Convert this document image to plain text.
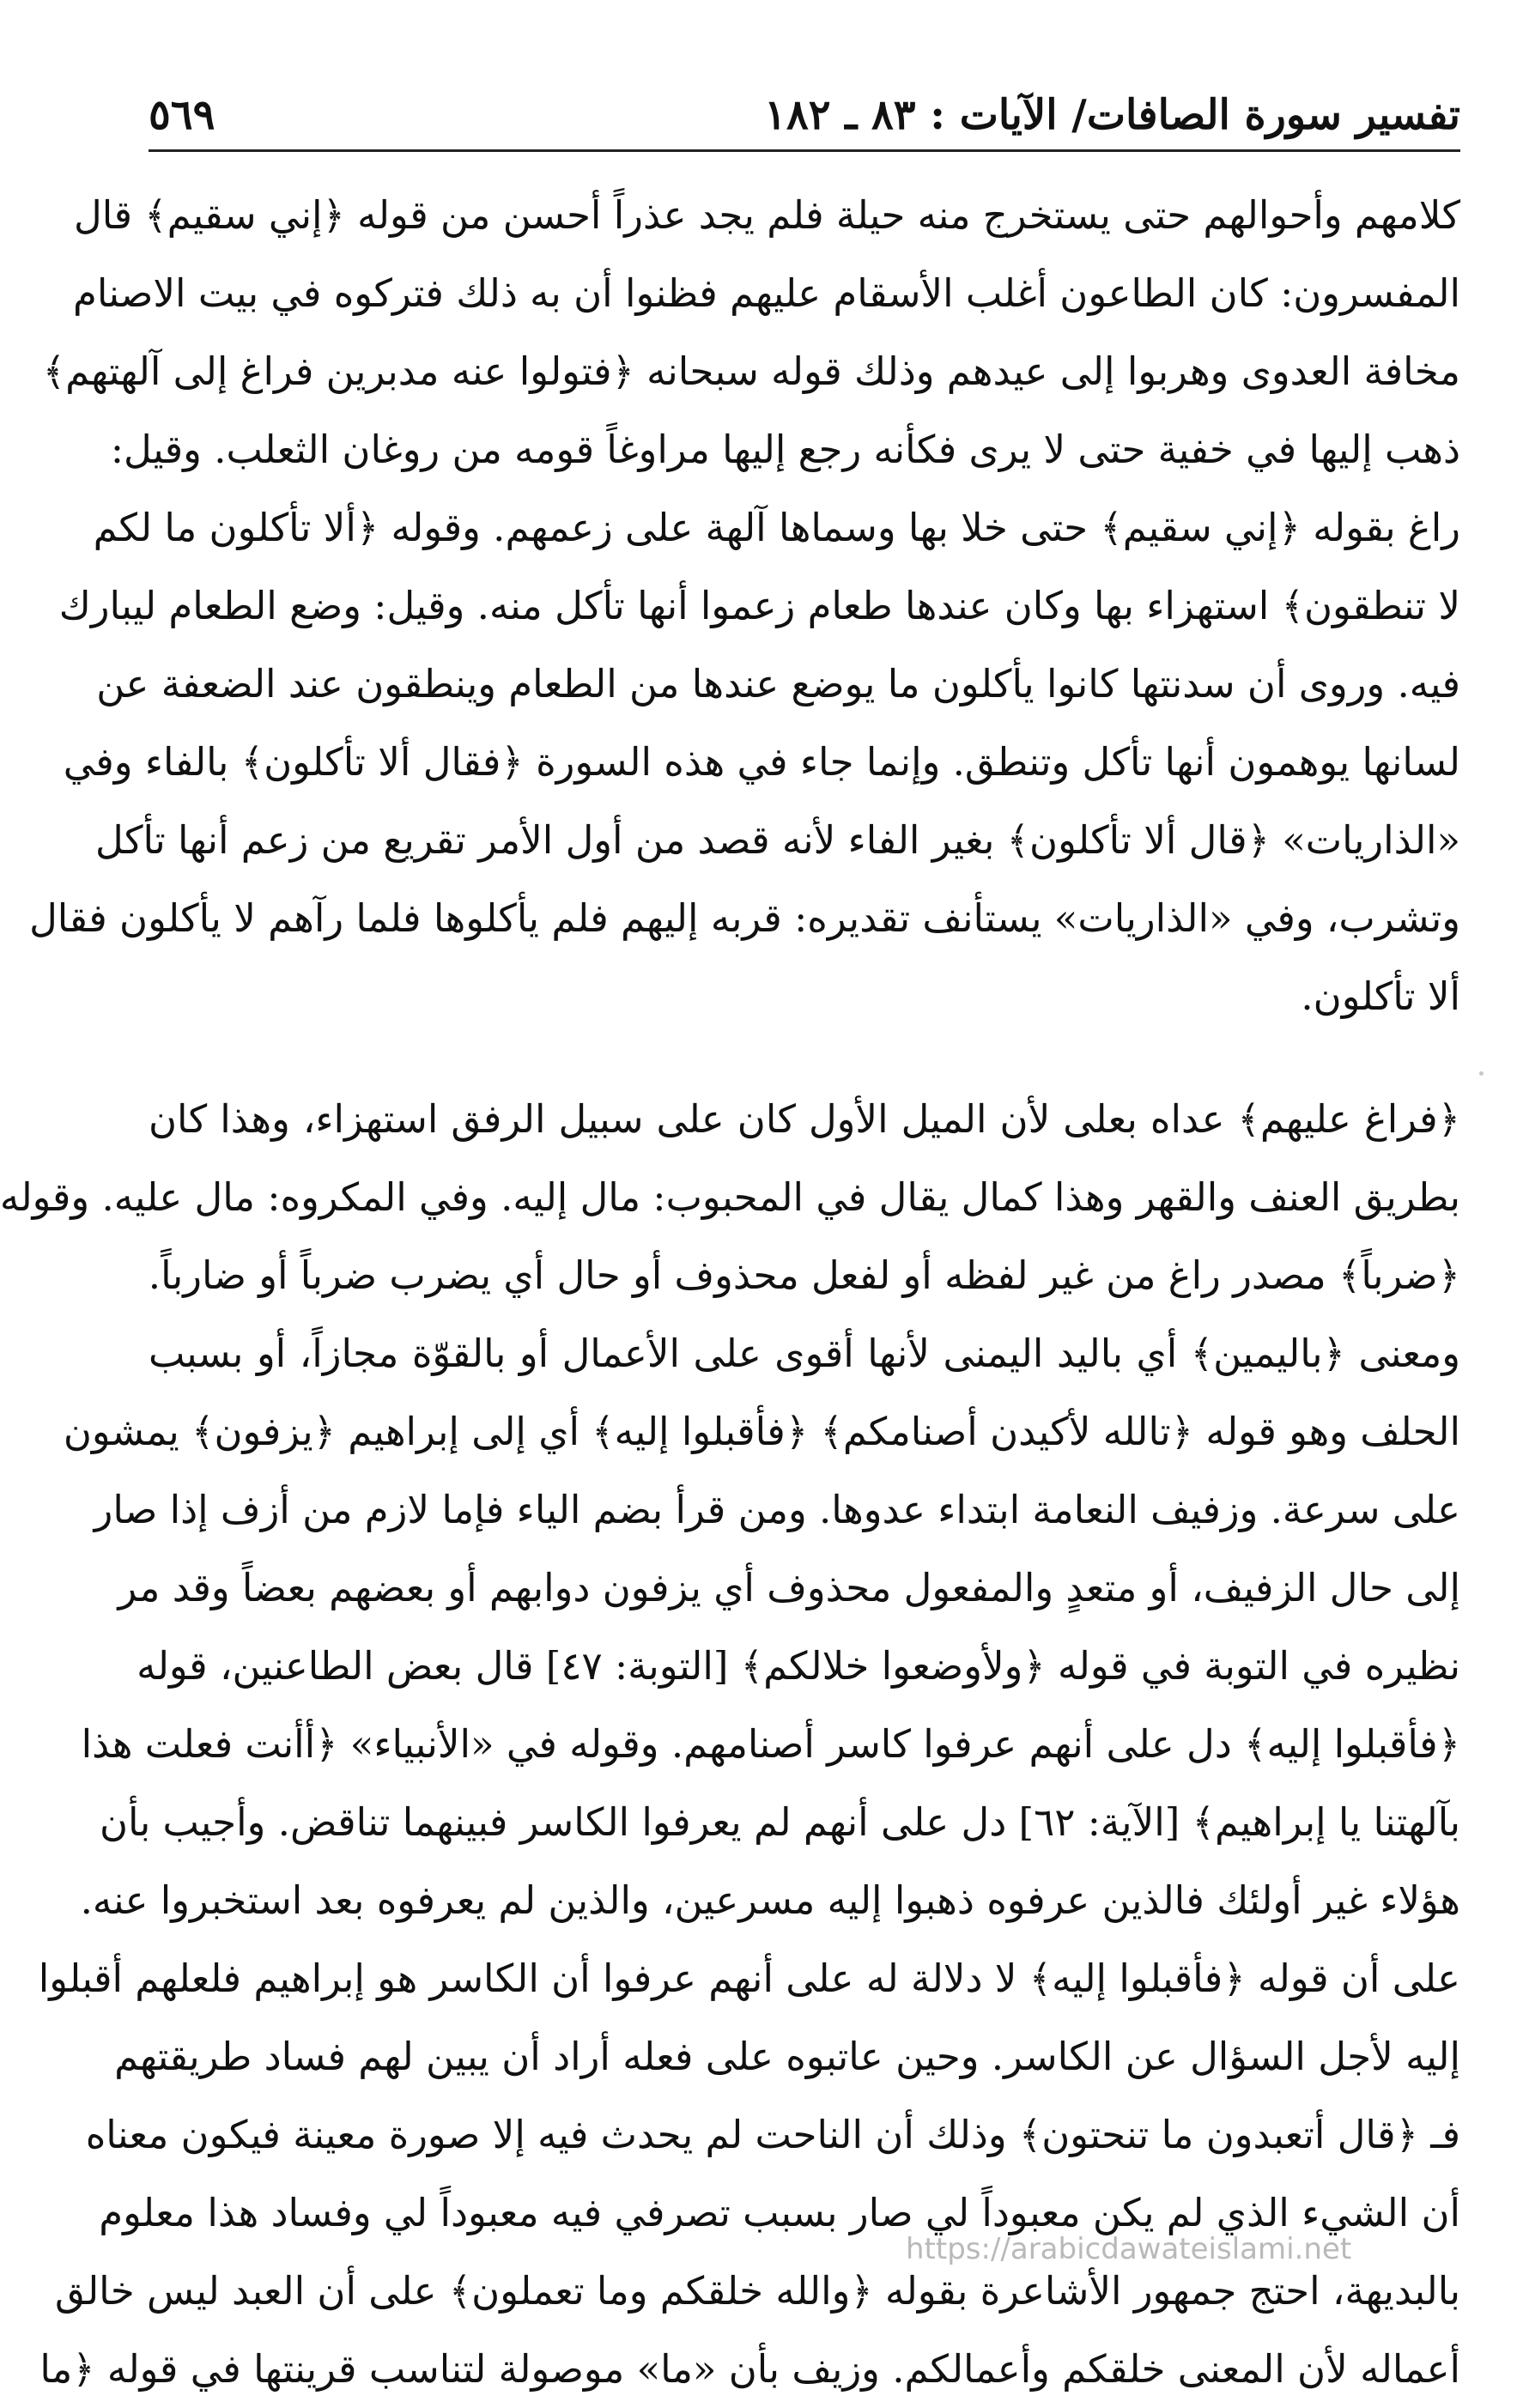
تفسير سورة الصافات/ الآيات : ٨٣ ـ ١٨٢
٥٦٩
كلامهم وأحوالهم حتى يستخرج منه حيلة فلم يجد عذراً أحسن من قوله ﴿إني سقيم﴾ قال
المفسرون: كان الطاعون أغلب الأسقام عليهم فظنوا أن به ذلك فتركوه في بيت الاصنام
مخافة العدوى وهربوا إلى عيدهم وذلك قوله سبحانه ﴿فتولوا عنه مدبرين فراغ إلى آلهتهم﴾
ذهب إليها في خفية حتى لا يرى فكأنه رجع إليها مراوغاً قومه من روغان الثعلب. وقيل:
راغ بقوله ﴿إني سقيم﴾ حتى خلا بها وسماها آلهة على زعمهم. وقوله ﴿ألا تأكلون ما لكم
لا تنطقون﴾ استهزاء بها وكان عندها طعام زعموا أنها تأكل منه. وقيل: وضع الطعام ليبارك
فيه. وروى أن سدنتها كانوا يأكلون ما يوضع عندها من الطعام وينطقون عند الضعفة عن
لسانها يوهمون أنها تأكل وتنطق. وإنما جاء في هذه السورة ﴿فقال ألا تأكلون﴾ بالفاء وفي
«الذاريات» ﴿قال ألا تأكلون﴾ بغير الفاء لأنه قصد من أول الأمر تقريع من زعم أنها تأكل
وتشرب، وفي «الذاريات» يستأنف تقديره: قربه إليهم فلم يأكلوها فلما رآهم لا يأكلون فقال
ألا تأكلون.
﴿فراغ عليهم﴾ عداه بعلى لأن الميل الأول كان على سبيل الرفق استهزاء، وهذا كان
بطريق العنف والقهر وهذا كمال يقال في المحبوب: مال إليه. وفي المكروه: مال عليه. وقوله
﴿ضرباً﴾ مصدر راغ من غير لفظه أو لفعل محذوف أو حال أي يضرب ضرباً أو ضارباً.
ومعنى ﴿باليمين﴾ أي باليد اليمنى لأنها أقوى على الأعمال أو بالقوّة مجازاً، أو بسبب
الحلف وهو قوله ﴿تالله لأكيدن أصنامكم﴾ ﴿فأقبلوا إليه﴾ أي إلى إبراهيم ﴿يزفون﴾ يمشون
على سرعة. وزفيف النعامة ابتداء عدوها. ومن قرأ بضم الياء فإما لازم من أزف إذا صار
إلى حال الزفيف، أو متعدٍ والمفعول محذوف أي يزفون دوابهم أو بعضهم بعضاً وقد مر
نظيره في التوبة في قوله ﴿ولأوضعوا خلالكم﴾ [التوبة: ٤٧] قال بعض الطاعنين، قوله
﴿فأقبلوا إليه﴾ دل على أنهم عرفوا كاسر أصنامهم. وقوله في «الأنبياء» ﴿أأنت فعلت هذا
بآلهتنا يا إبراهيم﴾ [الآية: ٦٢] دل على أنهم لم يعرفوا الكاسر فبينهما تناقض. وأجيب بأن
هؤلاء غير أولئك فالذين عرفوه ذهبوا إليه مسرعين، والذين لم يعرفوه بعد استخبروا عنه.
على أن قوله ﴿فأقبلوا إليه﴾ لا دلالة له على أنهم عرفوا أن الكاسر هو إبراهيم فلعلهم أقبلوا
إليه لأجل السؤال عن الكاسر. وحين عاتبوه على فعله أراد أن يبين لهم فساد طريقتهم
فـ ﴿قال أتعبدون ما تنحتون﴾ وذلك أن الناحت لم يحدث فيه إلا صورة معينة فيكون معناه
أن الشيء الذي لم يكن معبوداً لي صار بسبب تصرفي فيه معبوداً لي وفساد هذا معلوم
بالبديهة، احتج جمهور الأشاعرة بقوله ﴿والله خلقكم وما تعملون﴾ على أن العبد ليس خالق
أعماله لأن المعنى خلقكم وأعمالكم. وزيف بأن «ما» موصولة لتناسب قرينتها في قوله ﴿ما
https://arabicdawateislami.net
